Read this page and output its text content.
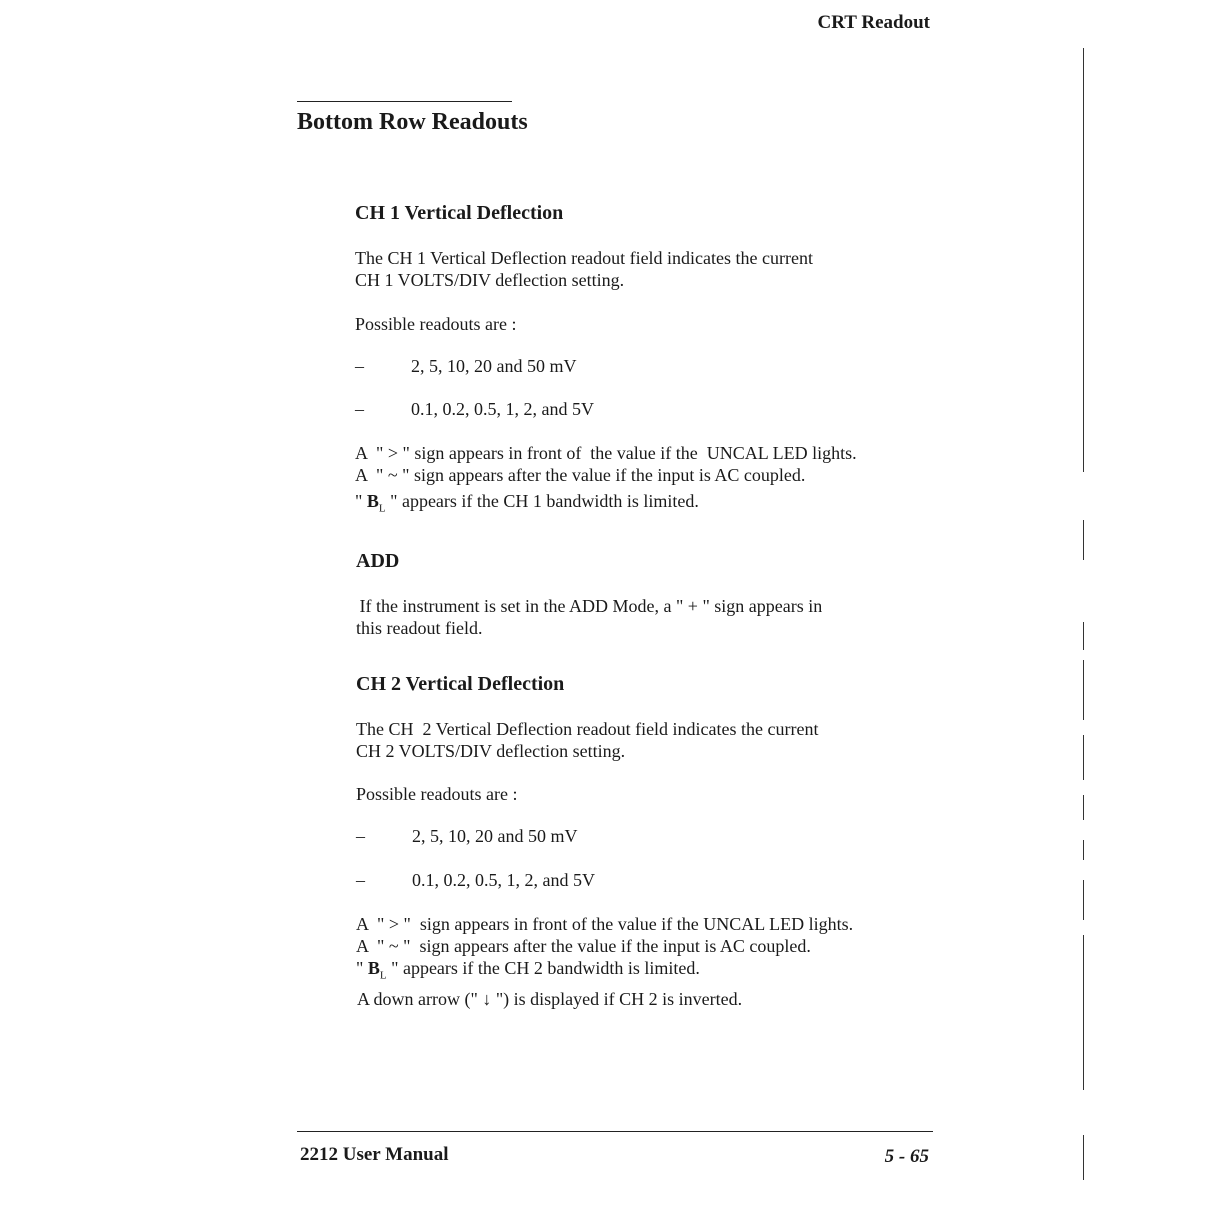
CRT Readout
Bottom Row Readouts
CH 1 Vertical Deflection
The CH 1 Vertical Deflection readout field indicates the current
CH 1 VOLTS/DIV deflection setting.
Possible readouts are :
–	2, 5, 10, 20 and 50 mV
–	0.1, 0.2, 0.5, 1, 2, and 5V
A  " > " sign appears in front of  the value if the  UNCAL LED lights.
A  " ~ " sign appears after the value if the input is AC coupled.
" $B_L$ " appears if the CH 1 bandwidth is limited.
ADD
If the instrument is set in the ADD Mode, a " + " sign appears in
this readout field.
CH 2 Vertical Deflection
The CH  2 Vertical Deflection readout field indicates the current
CH 2 VOLTS/DIV deflection setting.
Possible readouts are :
–	2, 5, 10, 20 and 50 mV
–	0.1, 0.2, 0.5, 1, 2, and 5V
A  " > "  sign appears in front of the value if the UNCAL LED lights.
A  " ~ "  sign appears after the value if the input is AC coupled.
" $B_L$ " appears if the CH 2 bandwidth is limited.
A down arrow (" ↓ ") is displayed if CH 2 is inverted.
2212 User Manual	5 - 65
